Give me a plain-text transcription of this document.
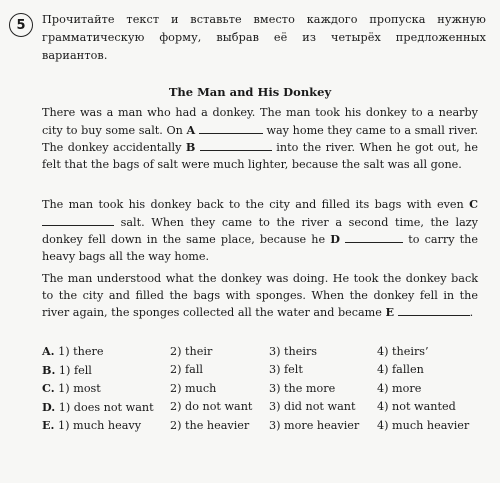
5 Прочитайте текст и вставьте вместо каждого пропуска нужную грамматическую форму, выбрав её из четырёх предложенных вариантов.
The Man and His Donkey
There was a man who had a donkey. The man took his donkey to a nearby city to buy some salt. On A	way home they came to a small river. The donkey accidentally B	into the river. When he got out, he felt that the bags of salt were much lighter, because the salt was all gone.
The man took his donkey back to the city and filled its bags with even C  salt. When they came to the river a second time, the lazy donkey fell down in the same place, because he D	to carry the heavy bags all the way home.
The man understood what the donkey was doing. He took the donkey back to the city and filled the bags with sponges. When the donkey fell in the river again, the sponges collected all the water and became E	.
A. 1) there	2) their	3) theirs	4) theirs’
B. 1) fell	2) fall	3) felt	4) fallen
C. 1) most	2) much	3) the more	4) more
D. 1) does not want	2) do not want	3) did not want	4) not wanted
E. 1) much heavy	2) the heavier	3) more heavier	4) much heavier
